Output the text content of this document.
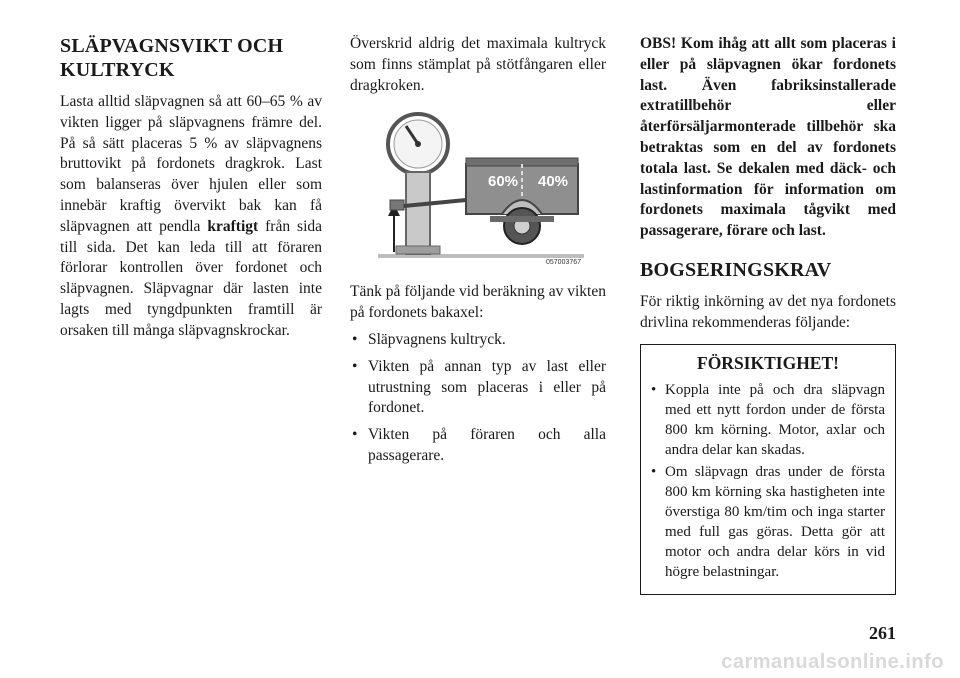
SLÄPVAGNSVIKT OCH KULTRYCK

Lasta alltid släpvagnen så att 60–65 % av vikten ligger på släpvagnens främre del. På så sätt placeras 5 % av släpvagnens bruttovikt på fordonets dragkrok. Last som balanseras över hjulen eller som innebär kraftig övervikt bak kan få släpvagnen att pendla kraftigt från sida till sida. Det kan leda till att föraren förlorar kontrollen över fordonet och släpvagnen. Släpvagnar där lasten inte lagts med tyngdpunkten framtill är orsaken till många släpvagnskrockar.

Överskrid aldrig det maximala kultryck som finns stämplat på stötfångaren eller dragkroken.

60% 40%
057003767

Tänk på följande vid beräkning av vikten på fordonets bakaxel:

• Släpvagnens kultryck.
• Vikten på annan typ av last eller utrustning som placeras i eller på fordonet.
• Vikten på föraren och alla passagerare.

OBS! Kom ihåg att allt som placeras i eller på släpvagnen ökar fordonets last. Även fabriksinstallerade extratillbehör eller återförsäljarmonterade tillbehör ska betraktas som en del av fordonets totala last. Se dekalen med däck- och lastinformation för information om fordonets maximala tågvikt med passagerare, förare och last.

BOGSERINGSKRAV

För riktig inkörning av det nya fordonets drivlina rekommenderas följande:

FÖRSIKTIGHET!
• Koppla inte på och dra släpvagn med ett nytt fordon under de första 800 km körning. Motor, axlar och andra delar kan skadas.
• Om släpvagn dras under de första 800 km körning ska hastigheten inte överstiga 80 km/tim och inga starter med full gas göras. Detta gör att motor och andra delar körs in vid högre belastningar.
261
carmanualsonline.info
